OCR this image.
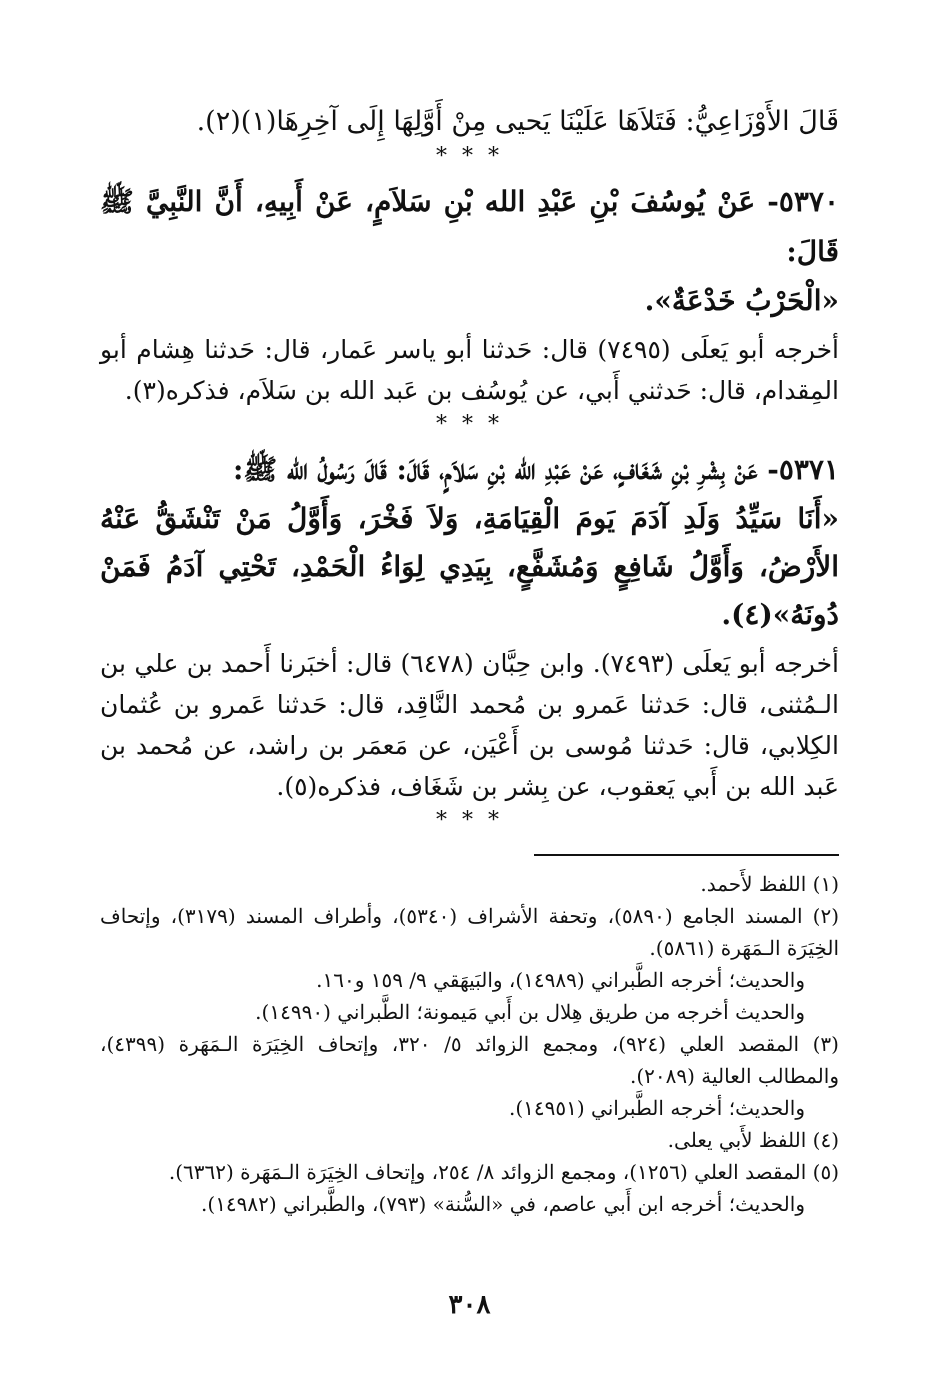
قَالَ الأَوْزَاعِيُّ: فَتَلاَهَا عَلَيْنَا يَحيى مِنْ أَوَّلِهَا إِلَى آخِرِهَا(١)(٢).

* * *

٥٣٧٠- عَنْ يُوسُفَ بْنِ عَبْدِ الله بْنِ سَلاَمٍ، عَنْ أَبِيهِ، أَنَّ النَّبِيَّ ﷺ قَالَ:

«الْحَرْبُ خَدْعَةٌ».

أخرجه أبو يَعلَى (٧٤٩٥) قال: حَدثنا أبو ياسر عَمار، قال: حَدثنا هِشام أبو المِقدام، قال: حَدثني أَبي، عن يُوسُف بن عَبد الله بن سَلاَم، فذكره(٣).

* * *

٥٣٧١- عَنْ بِشْرِ بْنِ شَغَافٍ، عَنْ عَبْدِ الله بْنِ سَلاَمٍ، قَالَ: قَالَ رَسُولُ الله ﷺ:

«أَنَا سَيِّدُ وَلَدِ آدَمَ يَومَ الْقِيَامَةِ، وَلاَ فَخْرَ، وَأَوَّلُ مَنْ تَنْشَقُّ عَنْهُ الأَرْضُ، وَأَوَّلُ شَافِعٍ وَمُشَفَّعٍ، بِيَدِي لِوَاءُ الْحَمْدِ، تَحْتِي آدَمُ فَمَنْ دُونَهُ»(٤).

أخرجه أبو يَعلَى (٧٤٩٣). وابن حِبَّان (٦٤٧٨) قال: أخبَرنا أَحمد بن علي بن الـمُثنى، قال: حَدثنا عَمرو بن مُحمد النَّاقِد، قال: حَدثنا عَمرو بن عُثمان الكِلابي، قال: حَدثنا مُوسى بن أَعْيَن، عن مَعمَر بن راشد، عن مُحمد بن عَبد الله بن أَبي يَعقوب، عن بِشر بن شَغَاف، فذكره(٥).

* * *

(١) اللفظ لأَحمد.

(٢) المسند الجامع (٥٨٩٠)، وتحفة الأشراف (٥٣٤٠)، وأطراف المسند (٣١٧٩)، وإتحاف الخِيَرَة الـمَهَرة (٥٨٦١).

والحديث؛ أخرجه الطَّبراني (١٤٩٨٩)، والبَيهَقي ٩/ ١٥٩ و١٦٠.

والحديث أخرجه من طريق هِلال بن أَبي مَيمونة؛ الطَّبراني (١٤٩٩٠).

(٣) المقصد العلي (٩٢٤)، ومجمع الزوائد ٥/ ٣٢٠، وإتحاف الخِيَرَة الـمَهَرة (٤٣٩٩)، والمطالب العالية (٢٠٨٩).

والحديث؛ أخرجه الطَّبراني (١٤٩٥١).

(٤) اللفظ لأَبي يعلى.

(٥) المقصد العلي (١٢٥٦)، ومجمع الزوائد ٨/ ٢٥٤، وإتحاف الخِيَرَة الـمَهَرة (٦٣٦٢).

والحديث؛ أخرجه ابن أَبي عاصم، في «السُّنة» (٧٩٣)، والطَّبراني (١٤٩٨٢).

٣٠٨
